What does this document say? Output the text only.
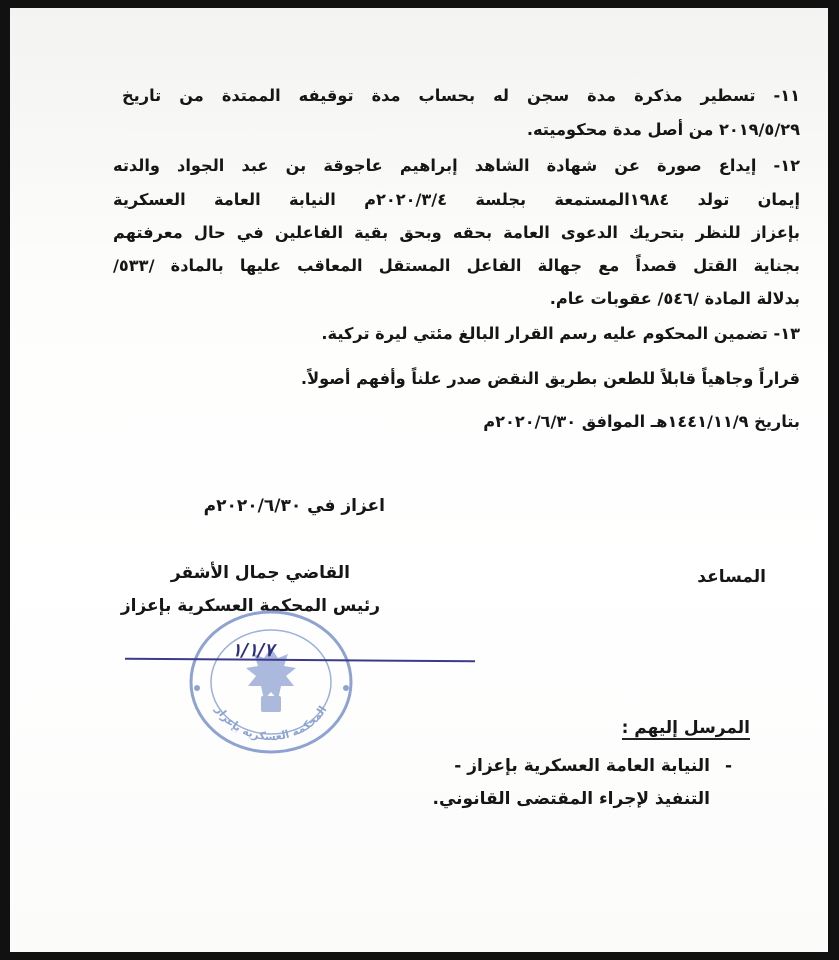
١١- تسطير مذكرة مدة سجن له بحساب مدة توقيفه الممتدة من تاريخ
٢٠١٩/٥/٢٩ من أصل مدة محكوميته.
١٢- إيداع صورة عن شهادة الشاهد إبراهيم عاجوقة بن عبد الجواد والدته
إيمان تولد ١٩٨٤المستمعة بجلسة ٢٠٢٠/٣/٤م النيابة العامة العسكرية
بإعزاز للنظر بتحريك الدعوى العامة بحقه وبحق بقية الفاعلين في حال معرفتهم
بجناية القتل قصداً مع جهالة الفاعل المستقل المعاقب عليها بالمادة /٥٣٣/
بدلالة المادة /٥٤٦/ عقوبات عام.
١٣- تضمين المحكوم عليه رسم القرار البالغ مئتي ليرة تركية.
قراراً وجاهياً قابلاً للطعن بطريق النقض صدر علناً وأفهم أصولاً.
بتاريخ ١٤٤١/١١/٩هـ الموافق ٢٠٢٠/٦/٣٠م
اعزاز في ٢٠٢٠/٦/٣٠م
المساعد
القاضي جمال الأشقر
رئيس المحكمة العسكرية بإعزاز
المحكمة العسكرية بإعزاز
١/١/٧
المرسل إليهم :
النيابة العامة العسكرية بإعزاز - -
التنفيذ لإجراء المقتضى القانوني.
